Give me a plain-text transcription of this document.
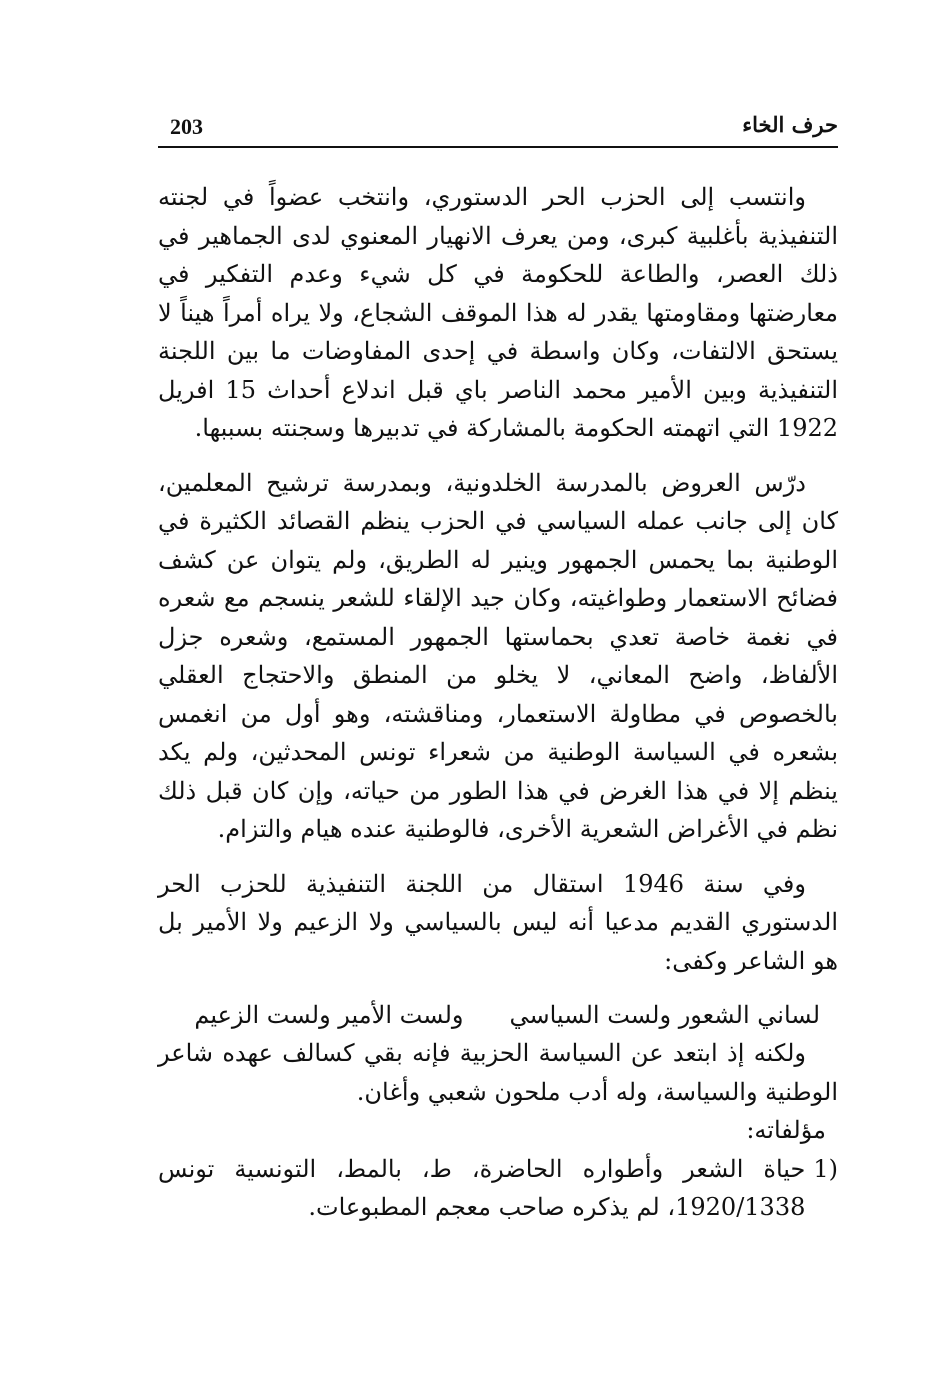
203	حرف الخاء

وانتسب إلى الحزب الحر الدستوري، وانتخب عضواً في لجنته التنفيذية بأغلبية كبرى، ومن يعرف الانهيار المعنوي لدى الجماهير في ذلك العصر، والطاعة للحكومة في كل شيء وعدم التفكير في معارضتها ومقاومتها يقدر له هذا الموقف الشجاع، ولا يراه أمراً هيناً لا يستحق الالتفات، وكان واسطة في إحدى المفاوضات ما بين اللجنة التنفيذية وبين الأمير محمد الناصر باي قبل اندلاع أحداث 15 افريل 1922 التي اتهمته الحكومة بالمشاركة في تدبيرها وسجنته بسببها.

درّس العروض بالمدرسة الخلدونية، وبمدرسة ترشيح المعلمين، كان إلى جانب عمله السياسي في الحزب ينظم القصائد الكثيرة في الوطنية بما يحمس الجمهور وينير له الطريق، ولم يتوان عن كشف فضائح الاستعمار وطواغيته، وكان جيد الإلقاء للشعر ينسجم مع شعره في نغمة خاصة تعدي بحماستها الجمهور المستمع، وشعره جزل الألفاظ، واضح المعاني، لا يخلو من المنطق والاحتجاج العقلي بالخصوص في مطاولة الاستعمار، ومناقشته، وهو أول من انغمس بشعره في السياسة الوطنية من شعراء تونس المحدثين، ولم يكد ينظم إلا في هذا الغرض في هذا الطور من حياته، وإن كان قبل ذلك نظم في الأغراض الشعرية الأخرى، فالوطنية عنده هيام والتزام.

وفي سنة 1946 استقال من اللجنة التنفيذية للحزب الحر الدستوري القديم مدعيا أنه ليس بالسياسي ولا الزعيم ولا الأمير بل هو الشاعر وكفى:

لساني الشعور ولست السياسي
ولست الأمير ولست الزعيم

ولكنه إذ ابتعد عن السياسة الحزبية فإنه بقي كسالف عهده شاعر الوطنية والسياسة، وله أدب ملحون شعبي وأغان.

مؤلفاته:

1)
حياة الشعر وأطواره الحاضرة، ط، بالمط، التونسية تونس 1920/1338، لم يذكره صاحب معجم المطبوعات.
